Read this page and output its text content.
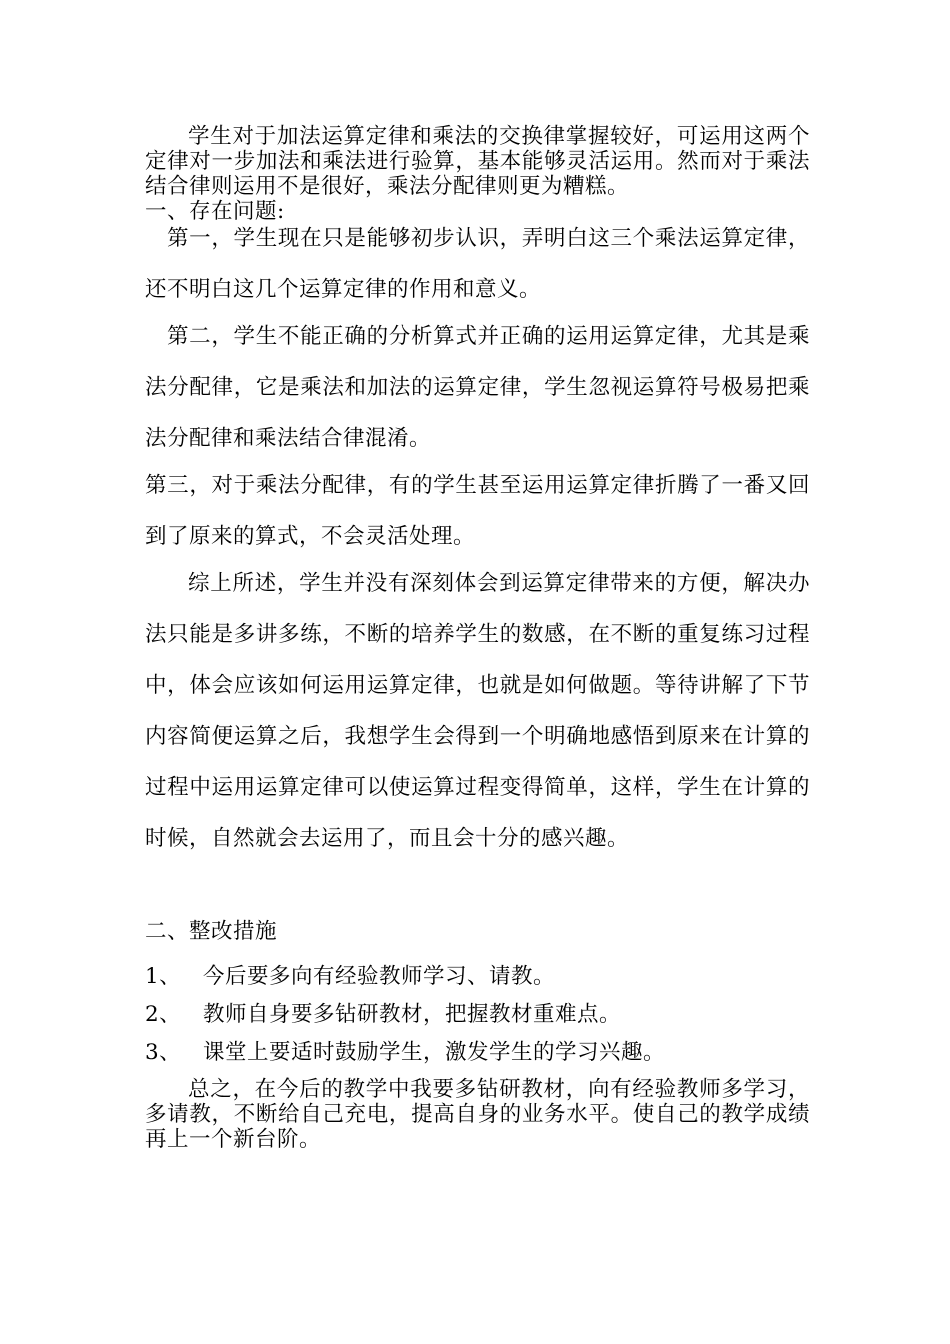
学生对于加法运算定律和乘法的交换律掌握较好，可运用这两个定律对一步加法和乘法进行验算，基本能够灵活运用。然而对于乘法结合律则运用不是很好，乘法分配律则更为糟糕。

一、存在问题:

第一，学生现在只是能够初步认识，弄明白这三个乘法运算定律，还不明白这几个运算定律的作用和意义。

第二，学生不能正确的分析算式并正确的运用运算定律，尤其是乘法分配律，它是乘法和加法的运算定律，学生忽视运算符号极易把乘法分配律和乘法结合律混淆。

第三，对于乘法分配律，有的学生甚至运用运算定律折腾了一番又回到了原来的算式，不会灵活处理。

综上所述，学生并没有深刻体会到运算定律带来的方便，解决办法只能是多讲多练，不断的培养学生的数感，在不断的重复练习过程中，体会应该如何运用运算定律，也就是如何做题。等待讲解了下节内容简便运算之后，我想学生会得到一个明确地感悟到原来在计算的过程中运用运算定律可以使运算过程变得简单，这样，学生在计算的时候，自然就会去运用了，而且会十分的感兴趣。

二、整改措施

1、 今后要多向有经验教师学习、请教。
2、 教师自身要多钻研教材，把握教材重难点。
3、 课堂上要适时鼓励学生，激发学生的学习兴趣。

总之，在今后的教学中我要多钻研教材，向有经验教师多学习，多请教，不断给自己充电，提高自身的业务水平。使自己的教学成绩再上一个新台阶。
